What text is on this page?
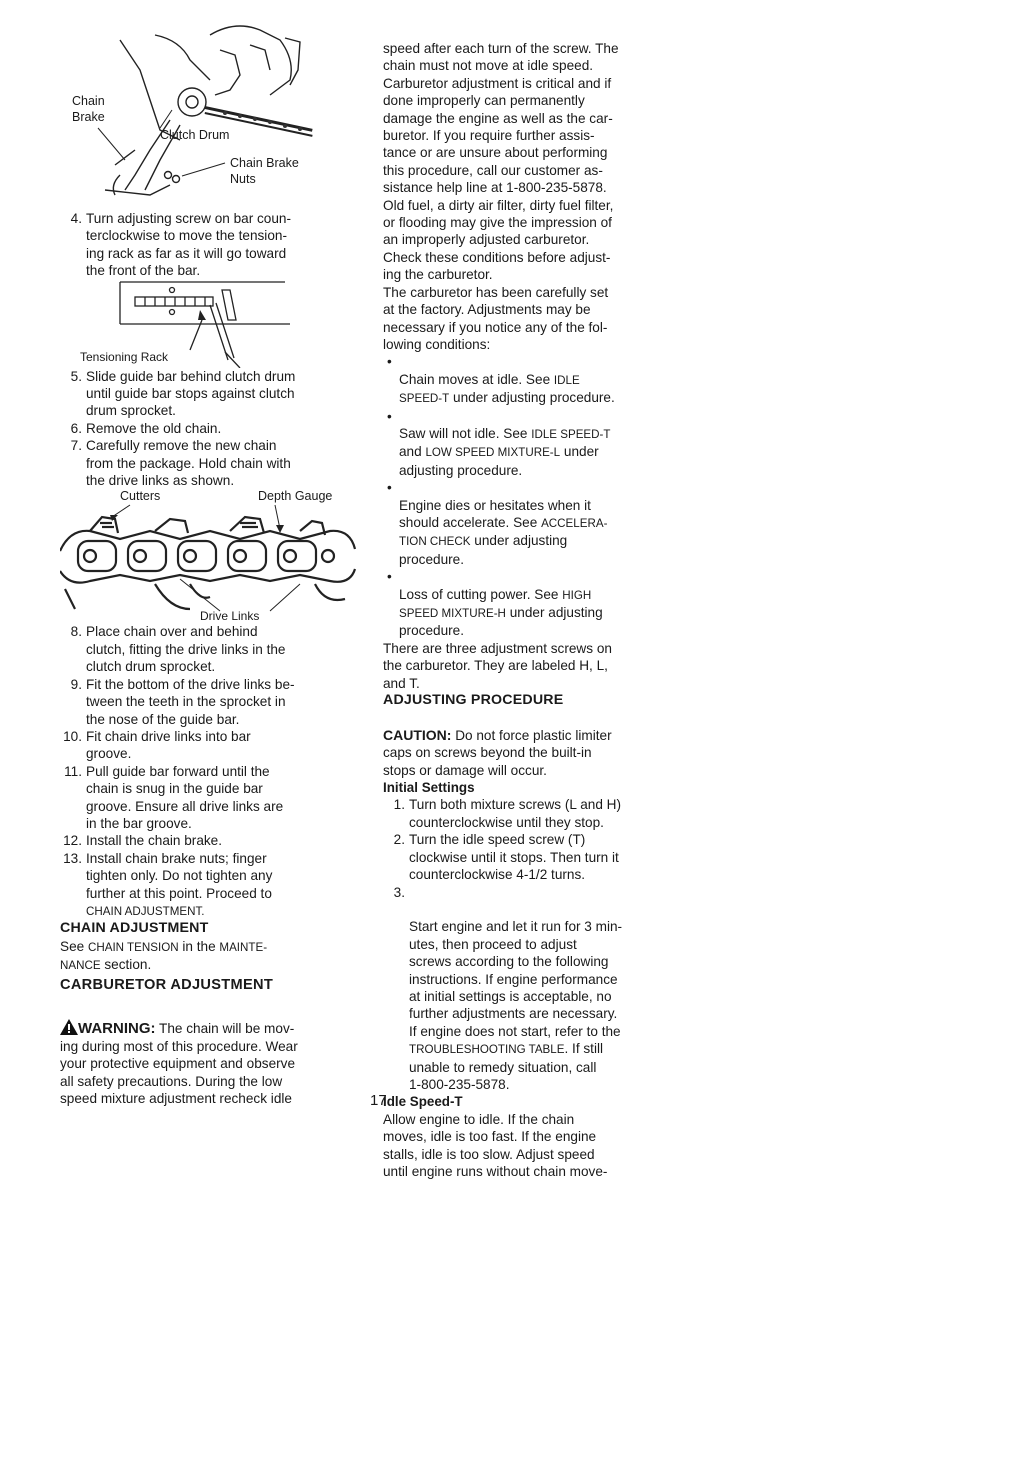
Chain
Brake
Clutch Drum
Chain Brake
Nuts
4. Turn adjusting screw on bar coun-
terclockwise to move the tension-
ing rack as far as it will go toward
the front of the bar.
Tensioning Rack
5. Slide guide bar behind clutch drum
until guide bar stops against clutch
drum sprocket.
6. Remove the old chain.
7. Carefully remove the new chain
from the package. Hold chain with
the drive links as shown.
Cutters	Depth Gauge
Drive Links
8. Place chain over and behind
clutch, fitting the drive links in the
clutch drum sprocket.
9. Fit the bottom of the drive links be-
tween the teeth in the sprocket in
the nose of the guide bar.
10. Fit chain drive links into bar
groove.
11. Pull guide bar forward until the
chain is snug in the guide bar
groove. Ensure all drive links are
in the bar groove.
12. Install the chain brake.
13. Install chain brake nuts; finger
tighten only. Do not tighten any
further at this point. Proceed to
CHAIN ADJUSTMENT.
CHAIN ADJUSTMENT
See CHAIN TENSION in the MAINTE-
NANCE section.
CARBURETOR ADJUSTMENT

WARNING: The chain will be mov-
ing during most of this procedure. Wear
your protective equipment and observe
all safety precautions. During the low
speed mixture adjustment recheck idle

speed after each turn of the screw. The
chain must not move at idle speed.
Carburetor adjustment is critical and if
done improperly can permanently
damage the engine as well as the car-
buretor. If you require further assis-
tance or are unsure about performing
this procedure, call our customer as-
sistance help line at 1-800-235-5878.
Old fuel, a dirty air filter, dirty fuel filter,
or flooding may give the impression of
an improperly adjusted carburetor.
Check these conditions before adjust-
ing the carburetor.
The carburetor has been carefully set
at the factory. Adjustments may be
necessary if you notice any of the fol-
lowing conditions:

•
Chain moves at idle. See IDLE
SPEED-T under adjusting procedure.

•
Saw will not idle. See IDLE SPEED-T
and LOW SPEED MIXTURE-L under
adjusting procedure.

•
Engine dies or hesitates when it
should accelerate. See ACCELERA-
TION CHECK under adjusting
procedure.

•
Loss of cutting power. See HIGH
SPEED MIXTURE-H under adjusting
procedure.

There are three adjustment screws on
the carburetor. They are labeled H, L,
and T.
ADJUSTING PROCEDURE

CAUTION: Do not force plastic limiter
caps on screws beyond the built-in
stops or damage will occur.

Initial Settings
1. Turn both mixture screws (L and H)
counterclockwise until they stop.
2. Turn the idle speed screw (T)
clockwise until it stops. Then turn it
counterclockwise 4-1/2 turns.

3.

Start engine and let it run for 3 min-
utes, then proceed to adjust
screws according to the following
instructions. If engine performance
at initial settings is acceptable, no
further adjustments are necessary.
If engine does not start, refer to the
TROUBLESHOOTING TABLE. If still
unable to remedy situation, call
1-800-235-5878.

Idle Speed-T
Allow engine to idle. If the chain
moves, idle is too fast. If the engine
stalls, idle is too slow. Adjust speed
until engine runs without chain move-
17
